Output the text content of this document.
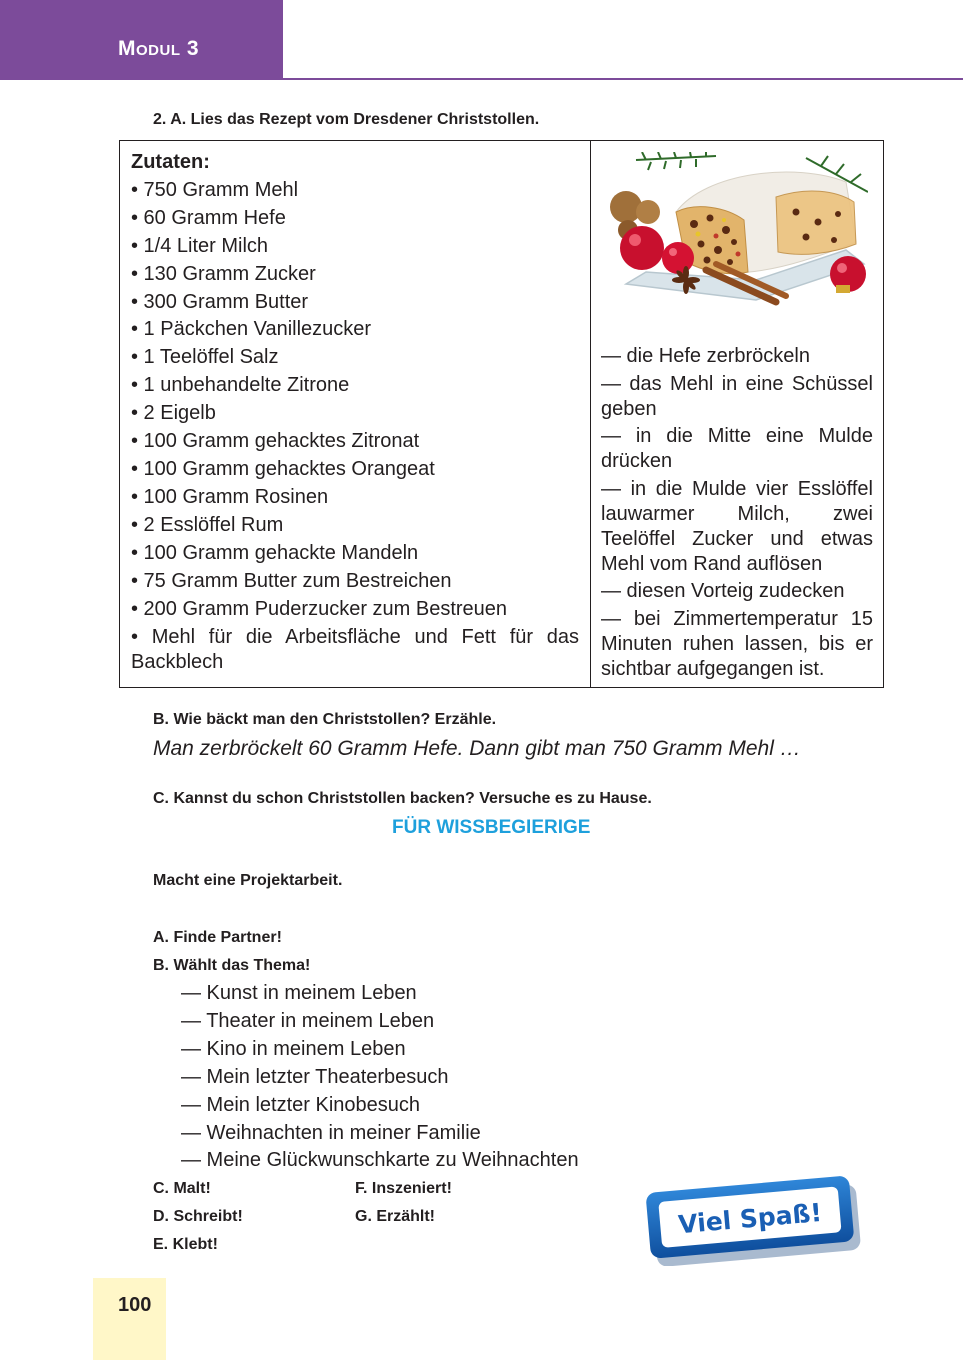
Modul 3
2. A. Lies das Rezept vom Dresdener Christstollen.
Zutaten:
• 750 Gramm Mehl
• 60 Gramm Hefe
• 1/4 Liter Milch
• 130 Gramm Zucker
• 300 Gramm Butter
• 1 Päckchen Vanillezucker
• 1 Teelöffel Salz
• 1 unbehandelte Zitrone
• 2 Eigelb
• 100 Gramm gehacktes Zitronat
• 100 Gramm gehacktes Orangeat
• 100 Gramm Rosinen
• 2 Esslöffel Rum
• 100 Gramm gehackte Mandeln
• 75 Gramm Butter zum Bestreichen
• 200 Gramm Puderzucker zum Bestreuen
• Mehl für die Arbeitsfläche und Fett für das Backblech
— die Hefe zerbröckeln
— das Mehl in eine Schüssel geben
— in die Mitte eine Mulde drücken
— in die Mulde vier Esslöffel lauwarmer Milch, zwei Teelöffel Zucker und etwas Mehl vom Rand auflösen
— diesen Vorteig zudecken
— bei Zimmertemperatur 15 Minuten ruhen lassen, bis er sichtbar aufgegangen ist.
B. Wie bäckt man den Christstollen? Erzähle.
Man zerbröckelt 60 Gramm Hefe. Dann gibt man 750 Gramm Mehl …
C. Kannst du schon Christstollen backen? Versuche es zu Hause.
FÜR WISSBEGIERIGE
Macht eine Projektarbeit.
A. Finde Partner!
B. Wählt das Thema!
— Kunst in meinem Leben
— Theater in meinem Leben
— Kino in meinem Leben
— Mein letzter Theaterbesuch
— Mein letzter Kinobesuch
— Weihnachten in meiner Familie
— Meine Glückwunschkarte zu Weihnachten
C. Malt!
D. Schreibt!
E. Klebt!
F. Inszeniert!
G. Erzählt!	Viel Spaß!
100
